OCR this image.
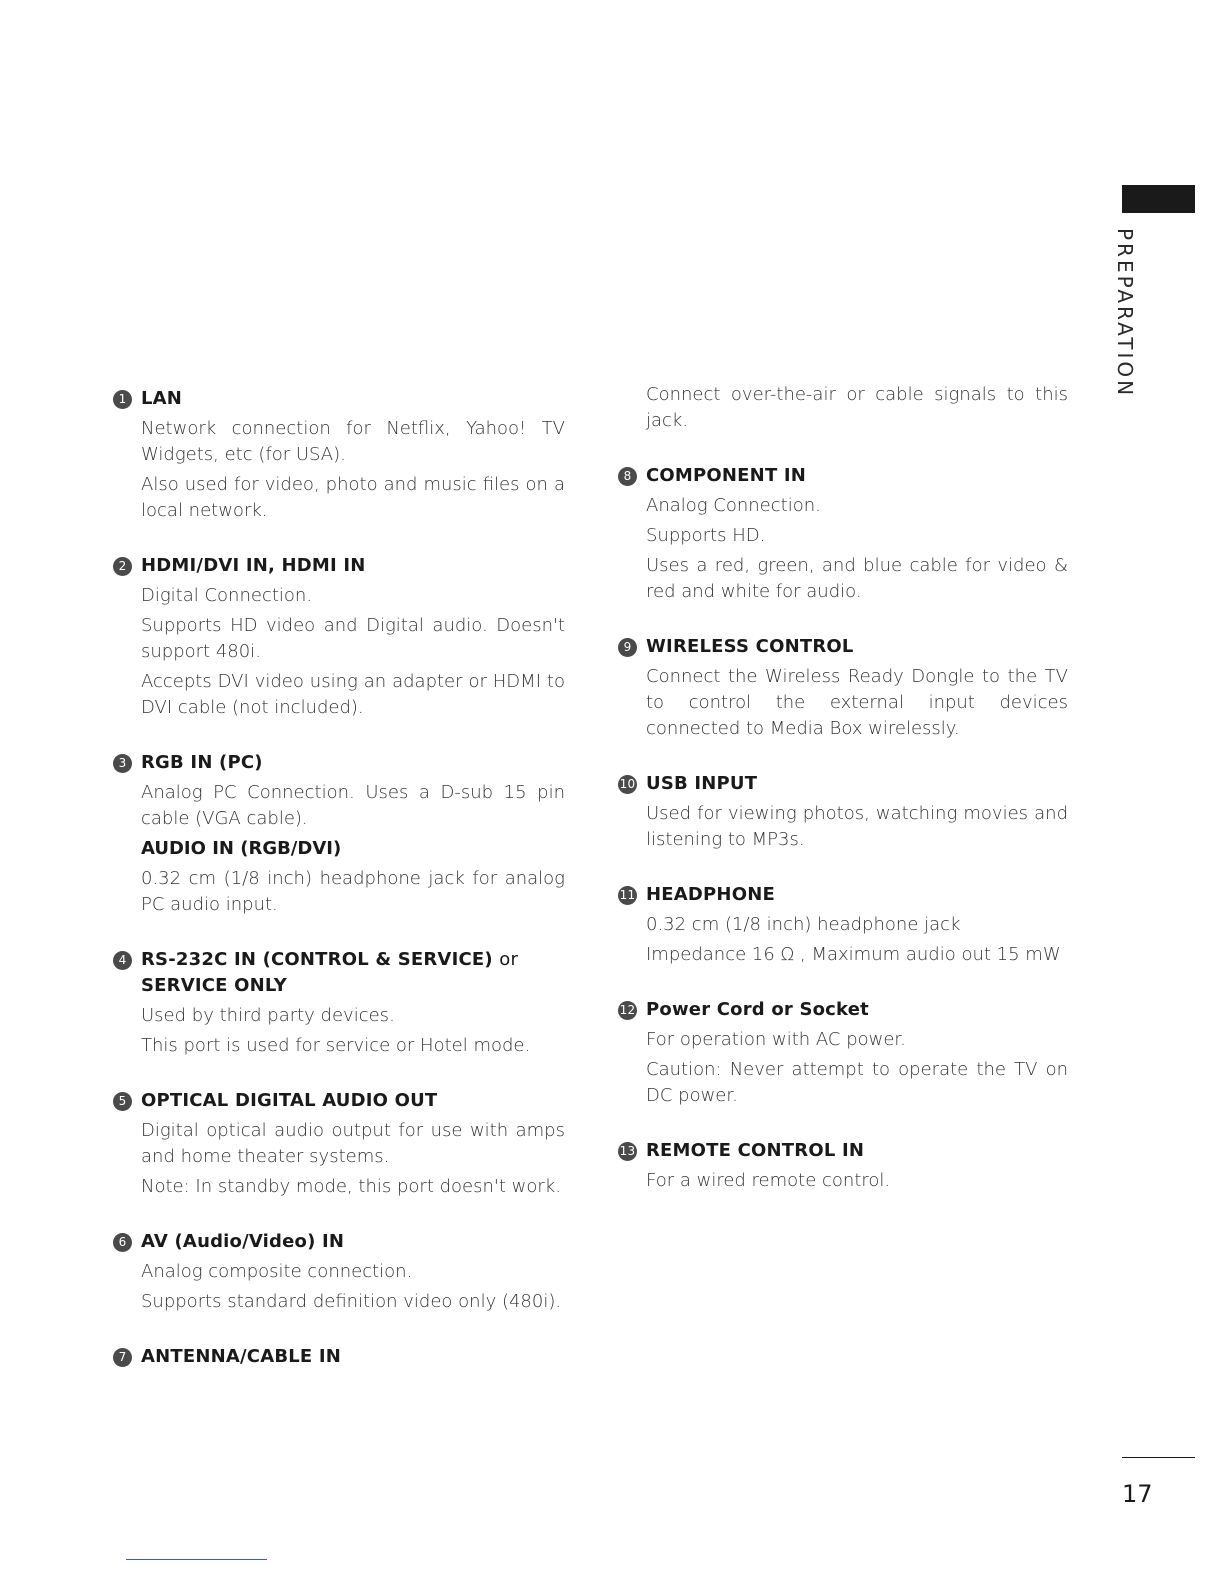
PREPARATION
1 LAN

Network connection for Netflix, Yahoo! TV Widgets, etc (for USA).

Also used for video, photo and music files on a local network.

2 HDMI/DVI IN, HDMI IN

Digital Connection.

Supports HD video and Digital audio. Doesn't support 480i.

Accepts DVI video using an adapter or HDMI to DVI cable (not included).

3 RGB IN (PC)

Analog PC Connection. Uses a D-sub 15 pin cable (VGA cable).

AUDIO IN (RGB/DVI)

0.32 cm (1/8 inch) headphone jack for analog PC audio input.

4 RS-232C IN (CONTROL & SERVICE) or
SERVICE ONLY

Used by third party devices.

This port is used for service or Hotel mode.

5 OPTICAL DIGITAL AUDIO OUT

Digital optical audio output for use with amps and home theater systems.

Note: In standby mode, this port doesn't work.

6 AV (Audio/Video) IN

Analog composite connection.

Supports standard definition video only (480i).

7 ANTENNA/CABLE IN

Connect over-the-air or cable signals to this jack.

8 COMPONENT IN

Analog Connection.

Supports HD.

Uses a red, green, and blue cable for video & red and white for audio.

9 WIRELESS CONTROL

Connect the Wireless Ready Dongle to the TV to control the external input devices connected to Media Box wirelessly.

10 USB INPUT

Used for viewing photos, watching movies and listening to MP3s.

11 HEADPHONE

0.32 cm (1/8 inch) headphone jack

Impedance 16 Ω , Maximum audio out 15 mW

12 Power Cord or Socket

For operation with AC power.

Caution: Never attempt to operate the TV on DC power.

13 REMOTE CONTROL IN

For a wired remote control.

17
